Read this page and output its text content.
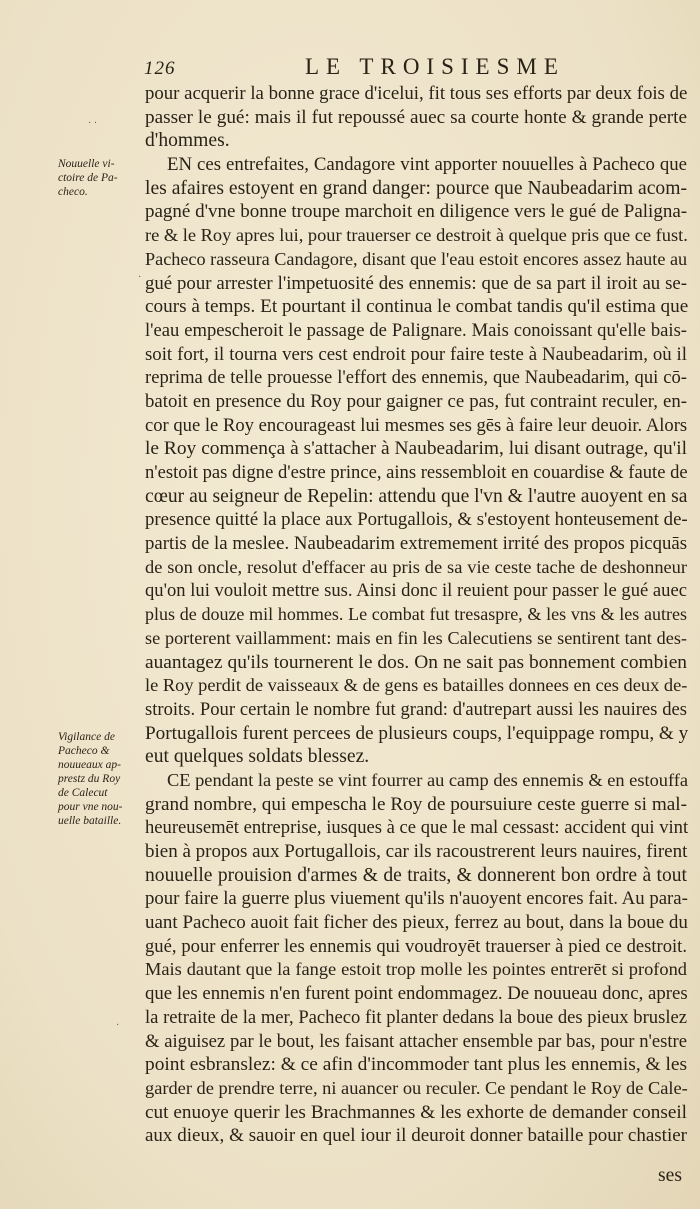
126	LE TROISIESME
Nouuelle vi-
ctoire de Pa-
checo.
Vigilance de
Pacheco &
nouueaux ap-
prestz du Roy
de Calecut
pour vne nou-
uelle bataille.
· ·
·
·
pour acquerir la bonne grace d'icelui, fit tous ses efforts par deux fois de
passer le gué: mais il fut repoussé auec sa courte honte & grande perte
d'hommes.
EN ces entrefaites, Candagore vint apporter nouuelles à Pacheco que
les afaires estoyent en grand danger: pource que Naubeadarim acom-
pagné d'vne bonne troupe marchoit en diligence vers le gué de Paligna-
re & le Roy apres lui, pour trauerser ce destroit à quelque pris que ce fust.
Pacheco rasseura Candagore, disant que l'eau estoit encores assez haute au
gué pour arrester l'impetuosité des ennemis: que de sa part il iroit au se-
cours à temps. Et pourtant il continua le combat tandis qu'il estima que
l'eau empescheroit le passage de Palignare. Mais conoissant qu'elle bais-
soit fort, il tourna vers cest endroit pour faire teste à Naubeadarim, où il
reprima de telle prouesse l'effort des ennemis, que Naubeadarim, qui cō-
batoit en presence du Roy pour gaigner ce pas, fut contraint reculer, en-
cor que le Roy encourageast lui mesmes ses gēs à faire leur deuoir. Alors
le Roy commença à s'attacher à Naubeadarim, lui disant outrage, qu'il
n'estoit pas digne d'estre prince, ains ressembloit en couardise & faute de
cœur au seigneur de Repelin: attendu que l'vn & l'autre auoyent en sa
presence quitté la place aux Portugallois, & s'estoyent honteusement de-
partis de la meslee. Naubeadarim extremement irrité des propos picquās
de son oncle, resolut d'effacer au pris de sa vie ceste tache de deshonneur
qu'on lui vouloit mettre sus. Ainsi donc il reuient pour passer le gué auec
plus de douze mil hommes. Le combat fut tresaspre, & les vns & les autres
se porterent vaillamment: mais en fin les Calecutiens se sentirent tant des-
auantagez qu'ils tournerent le dos. On ne sait pas bonnement combien
le Roy perdit de vaisseaux & de gens es batailles donnees en ces deux de-
stroits. Pour certain le nombre fut grand: d'autrepart aussi les nauires des
Portugallois furent percees de plusieurs coups, l'equippage rompu, & y
eut quelques soldats blessez.
CE pendant la peste se vint fourrer au camp des ennemis & en estouffa
grand nombre, qui empescha le Roy de poursuiure ceste guerre si mal-
heureusemēt entreprise, iusques à ce que le mal cessast: accident qui vint
bien à propos aux Portugallois, car ils racoustrerent leurs nauires, firent
nouuelle prouision d'armes & de traits, & donnerent bon ordre à tout
pour faire la guerre plus viuement qu'ils n'auoyent encores fait. Au para-
uant Pacheco auoit fait ficher des pieux, ferrez au bout, dans la boue du
gué, pour enferrer les ennemis qui voudroyēt trauerser à pied ce destroit.
Mais dautant que la fange estoit trop molle les pointes entrerēt si profond
que les ennemis n'en furent point endommagez. De nouueau donc, apres
la retraite de la mer, Pacheco fit planter dedans la boue des pieux bruslez
& aiguisez par le bout, les faisant attacher ensemble par bas, pour n'estre
point esbranslez: & ce afin d'incommoder tant plus les ennemis, & les
garder de prendre terre, ni auancer ou reculer. Ce pendant le Roy de Cale-
cut enuoye querir les Brachmannes & les exhorte de demander conseil
aux dieux, & sauoir en quel iour il deuroit donner bataille pour chastier
ses
